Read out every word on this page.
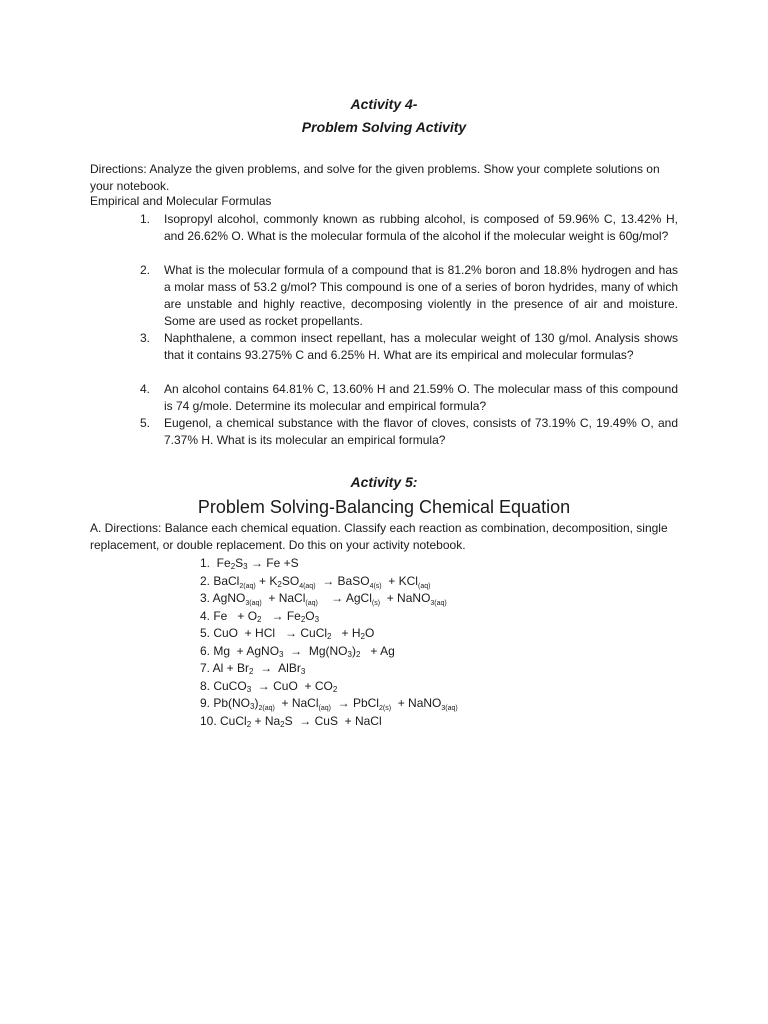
Activity 4-
Problem Solving Activity
Directions: Analyze the given problems, and solve for the given problems. Show your complete solutions on your notebook.
Empirical and Molecular Formulas
1. Isopropyl alcohol, commonly known as rubbing alcohol, is composed of 59.96% C, 13.42% H, and 26.62% O. What is the molecular formula of the alcohol if the molecular weight is 60g/mol?
2. What is the molecular formula of a compound that is 81.2% boron and 18.8% hydrogen and has a molar mass of 53.2 g/mol? This compound is one of a series of boron hydrides, many of which are unstable and highly reactive, decomposing violently in the presence of air and moisture. Some are used as rocket propellants.
3. Naphthalene, a common insect repellant, has a molecular weight of 130 g/mol. Analysis shows that it contains 93.275% C and 6.25% H. What are its empirical and molecular formulas?
4. An alcohol contains 64.81% C, 13.60% H and 21.59% O. The molecular mass of this compound is 74 g/mole. Determine its molecular and empirical formula?
5. Eugenol, a chemical substance with the flavor of cloves, consists of 73.19% C, 19.49% O, and 7.37% H. What is its molecular an empirical formula?
Activity 5:
Problem Solving-Balancing Chemical Equation
A. Directions: Balance each chemical equation. Classify each reaction as combination, decomposition, single replacement, or double replacement. Do this on your activity notebook.
1.  $Fe_2S_3 \to Fe +S$
2. BaCl$_{2(aq)}$ + $K_2SO_{4(aq)}$  → BaSO$_{4(s)}$  + KCl$_{(aq)}$
3. AgNO$_{3(aq)}$  + NaCl$_{(aq)}$    → AgCl$_{(s)}$  + NaNO$_{3(aq)}$
4. $Fe + O_2 \to Fe_2O_3$
5. CuO  + HCl   → CuCl$_2$   + $H_2O$
6. Mg  + AgNO$_3$  →  $Mg(NO_3)_2 + Ag$
7. $Al + Br_2$  →  AlBr$_3$
8. CuCO$_3$  → CuO  + $CO_2$
9. $Pb(NO_3)_{2(aq)}$  + NaCl$_{(aq)}$  → PbCl$_{2(s)}$  + NaNO$_{3(aq)}$
10. CuCl$_2$ + $Na_2S$  → CuS  + NaCl
